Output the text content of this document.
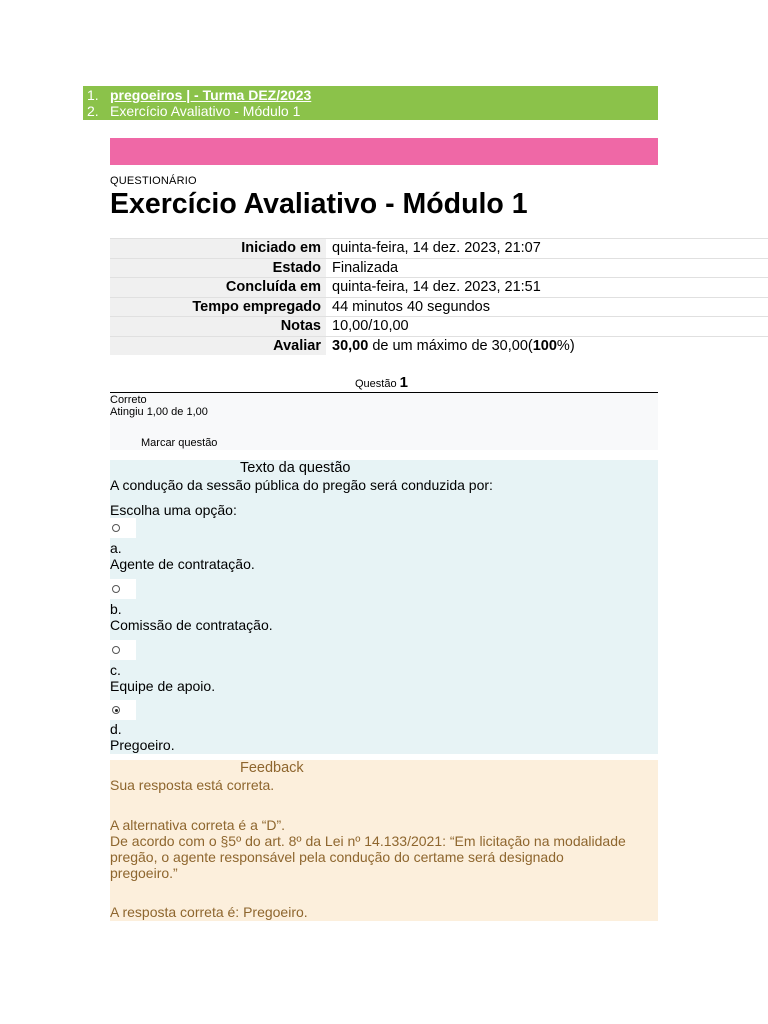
1. pregoeiros | - Turma DEZ/2023
2. Exercício Avaliativo - Módulo 1
QUESTIONÁRIO
Exercício Avaliativo - Módulo 1
Iniciado em	quinta-feira, 14 dez. 2023, 21:07
Estado	Finalizada
Concluída em	quinta-feira, 14 dez. 2023, 21:51
Tempo empregado	44 minutos 40 segundos
Notas	10,00/10,00
Avaliar	30,00 de um máximo de 30,00(100%)
Questão 1
Correto
Atingiu 1,00 de 1,00
Marcar questão
Texto da questão
A condução da sessão pública do pregão será conduzida por:
Escolha uma opção:
a.
Agente de contratação.
b.
Comissão de contratação.
c.
Equipe de apoio.
d.
Pregoeiro.
Feedback
Sua resposta está correta.
A alternativa correta é a “D”.
De acordo com o §5º do art. 8º da Lei nº 14.133/2021: “Em licitação na modalidade
pregão, o agente responsável pela condução do certame será designado
pregoeiro.”
A resposta correta é: Pregoeiro.
